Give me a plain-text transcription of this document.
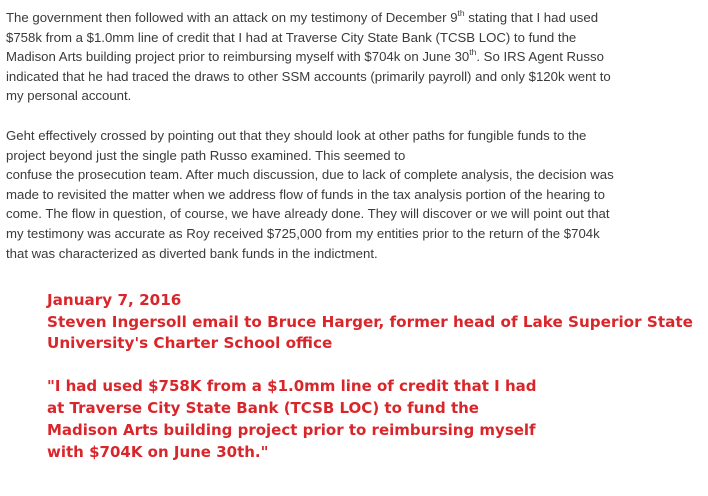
The government then followed with an attack on my testimony of December 9th stating that I had used
$758k from a $1.0mm line of credit that I had at Traverse City State Bank (TCSB LOC) to fund the
Madison Arts building project prior to reimbursing myself with $704k on June 30th. So IRS Agent Russo
indicated that he had traced the draws to other SSM accounts (primarily payroll) and only $120k went to
my personal account.

Geht effectively crossed by pointing out that they should look at other paths for fungible funds to the
project beyond just the single path Russo examined. This seemed to
confuse the prosecution team. After much discussion, due to lack of complete analysis, the decision was
made to revisited the matter when we address flow of funds in the tax analysis portion of the hearing to
come. The flow in question, of course, we have already done. They will discover or we will point out that
my testimony was accurate as Roy received $725,000 from my entities prior to the return of the $704k
that was characterized as diverted bank funds in the indictment.

January 7, 2016
Steven Ingersoll email to Bruce Harger, former head of Lake Superior State
University's Charter School office
"I had used $758K from a $1.0mm line of credit that I had
at Traverse City State Bank (TCSB LOC) to fund the
Madison Arts building project prior to reimbursing myself
with $704K on June 30th."
